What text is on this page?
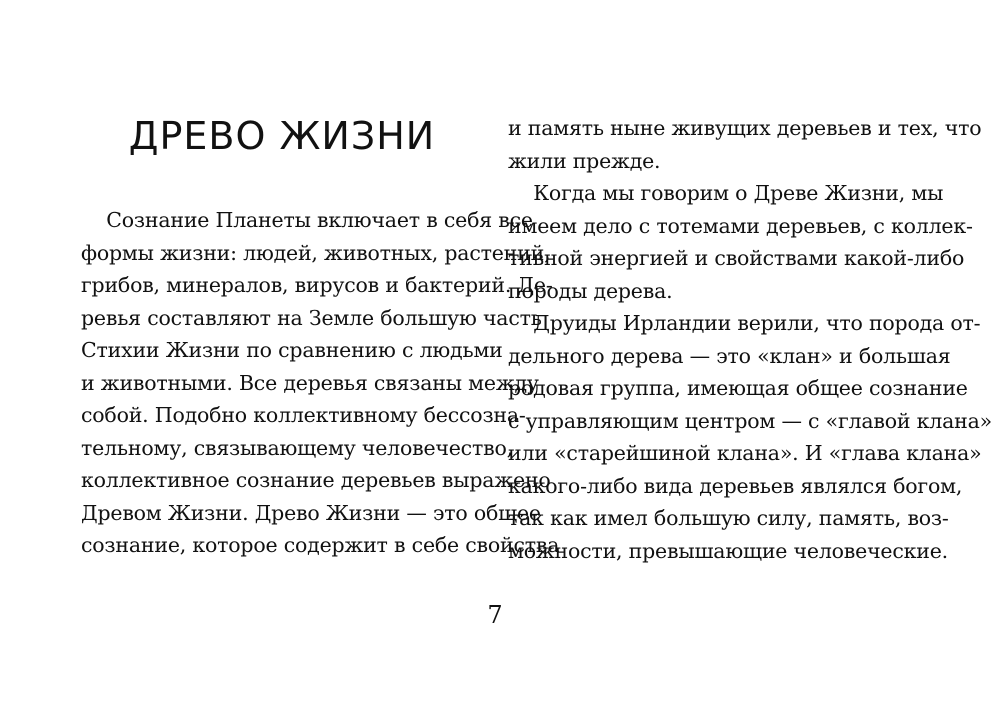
ДРЕВО ЖИЗНИ
Сознание Планеты включает в себя все
формы жизни: людей, животных, растений,
грибов, минералов, вирусов и бактерий. Де-
ревья составляют на Земле большую часть
Стихии Жизни по сравнению с людьми
и животными. Все деревья связаны между
собой. Подобно коллективному бессозна-
тельному, связывающему человечество,
коллективное сознание деревьев выражено
Древом Жизни. Древо Жизни — это общее
сознание, которое содержит в себе свойства
и память ныне живущих деревьев и тех, что
жили прежде.
Когда мы говорим о Древе Жизни, мы
имеем дело с тотемами деревьев, с коллек-
тивной энергией и свойствами какой-либо
породы дерева.
Друиды Ирландии верили, что порода от-
дельного дерева — это «клан» и большая
родовая группа, имеющая общее сознание
с управляющим центром — с «главой клана»
или «старейшиной клана». И «глава клана»
какого-либо вида деревьев являлся богом,
так как имел большую силу, память, воз-
можности, превышающие человеческие.
7
